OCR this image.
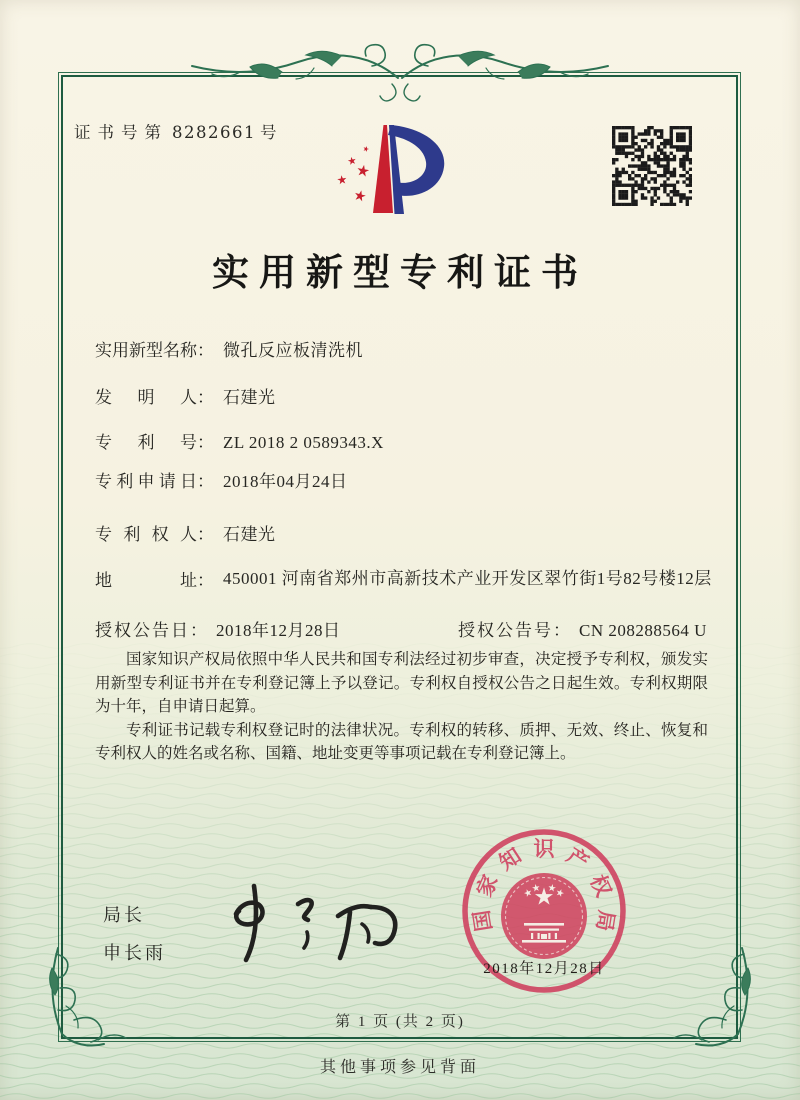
证书号第 8282661 号
实用新型专利证书
实 用 新 型 名 称 ： 微孔反应板清洗机
发 明 人 ： 石建光
专 利 号 ： ZL 2018 2 0589343.X
专 利 申 请 日 ： 2018年04月24日
专 利 权 人 ： 石建光
地	址 ： 450001 河南省郑州市高新技术产业开发区翠竹街1号82号楼12层
授权公告日： 2018年12月28日	授权公告号： CN 208288564 U

国家知识产权局依照中华人民共和国专利法经过初步审查，决定授予专利权，颁发实用新型专利证书并在专利登记簿上予以登记。专利权自授权公告之日起生效。专利权期限为十年，自申请日起算。

专利证书记载专利权登记时的法律状况。专利权的转移、质押、无效、终止、恢复和专利权人的姓名或名称、国籍、地址变更等事项记载在专利登记簿上。

局长
申长雨
国
家
知 识 产
权
局
2018年12月28日
第 1 页 (共 2 页)
其他事项参见背面
